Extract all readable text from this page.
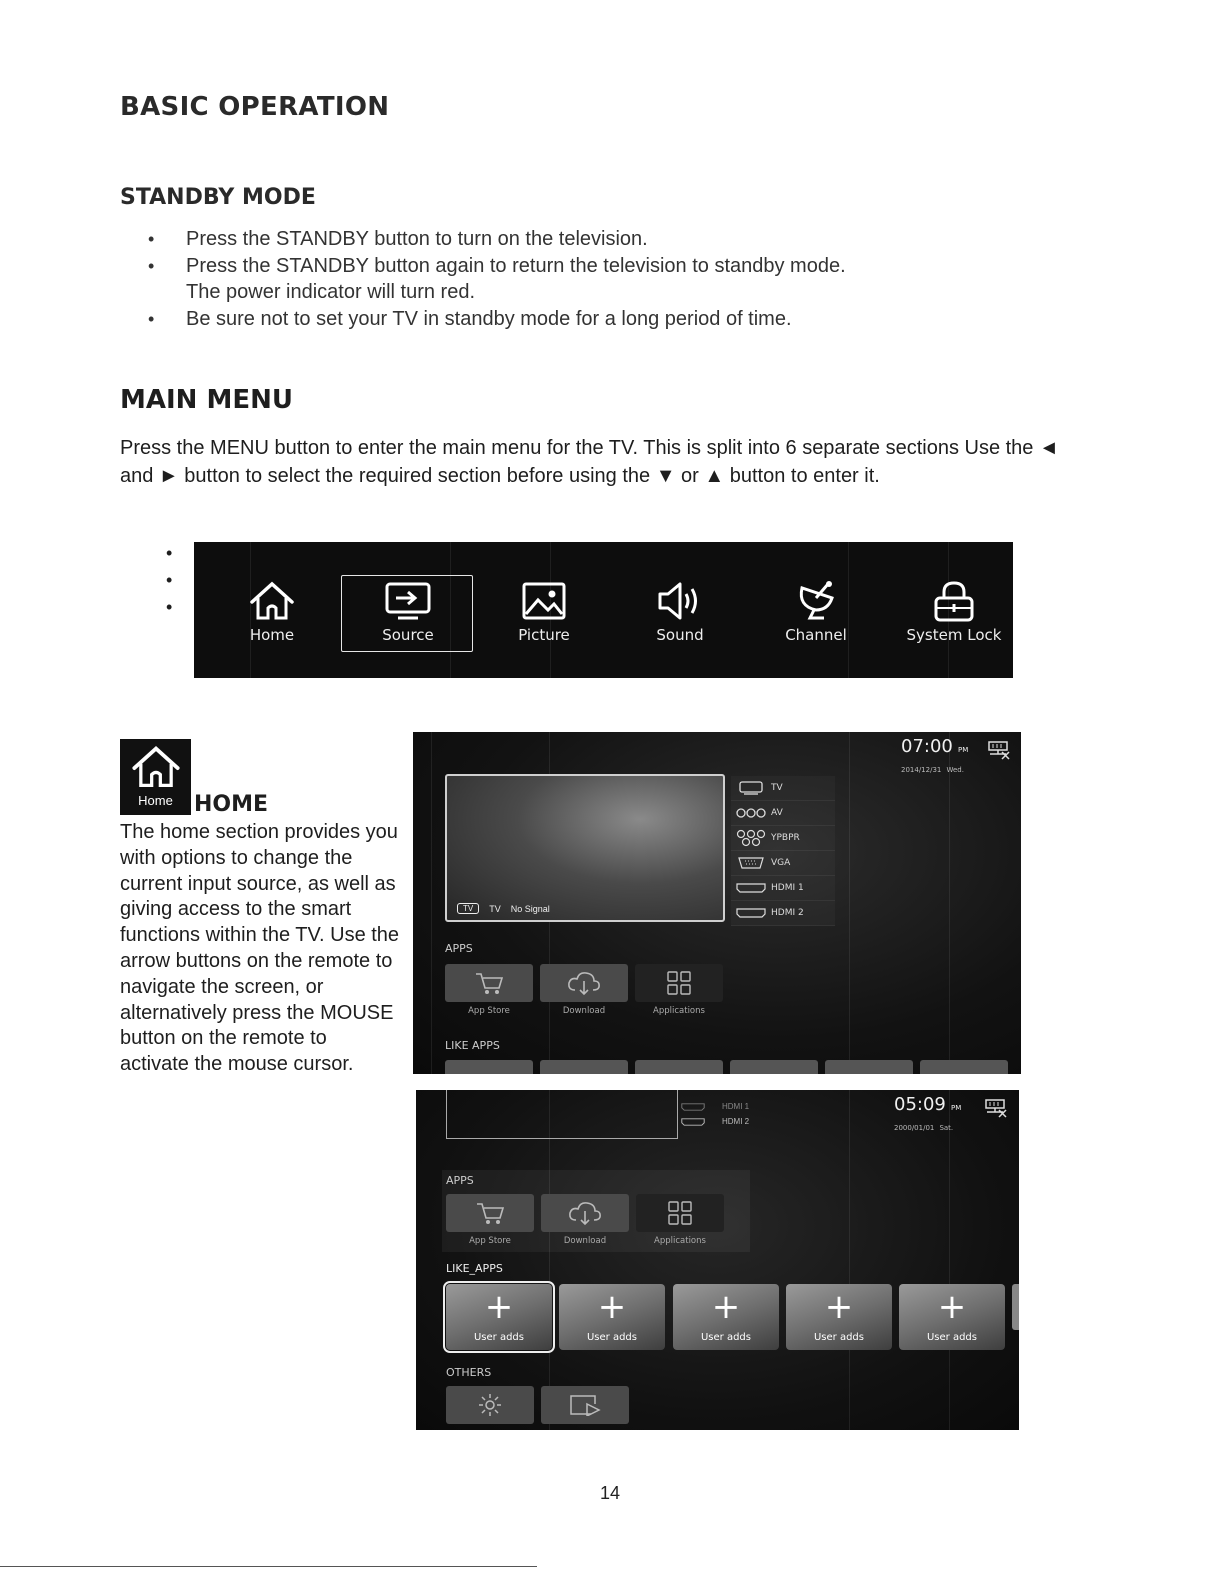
BASIC OPERATION
STANDBY MODE
• Press the STANDBY button to turn on the television.
• Press the STANDBY button again to return the television to standby mode.
The power indicator will turn red.
• Be sure not to set your TV in standby mode for a long period of time.
MAIN MENU

Press the MENU button to enter the main menu for the TV. This is split into 6 separate sections Use the ◄ and ► button to select the required section before using the ▼ or ▲ button to enter it.

•
•
•
Home	Source	Picture	Sound	Channel	System Lock
Home HOME

The home section provides you with options to change the current input source, as well as giving access to the smart functions within the TV. Use the arrow buttons on the remote to navigate the screen, or alternatively press the MOUSE button on the remote to activate the mouse cursor.

07:00 PM
2014/12/31 Wed.
TV	TV No Signal
TV
AV
YPBPR
VGA
HDMI 1
HDMI 2
APPS
App Store	Download	Applications
LIKE APPS
HDMI 1
HDMI 2
05:09 PM
2000/01/01 Sat.
APPS
App Store	Download	Applications
LIKE_APPS
+
User adds
+
User adds
+
User adds
+
User adds
+
User adds
OTHERS
14
